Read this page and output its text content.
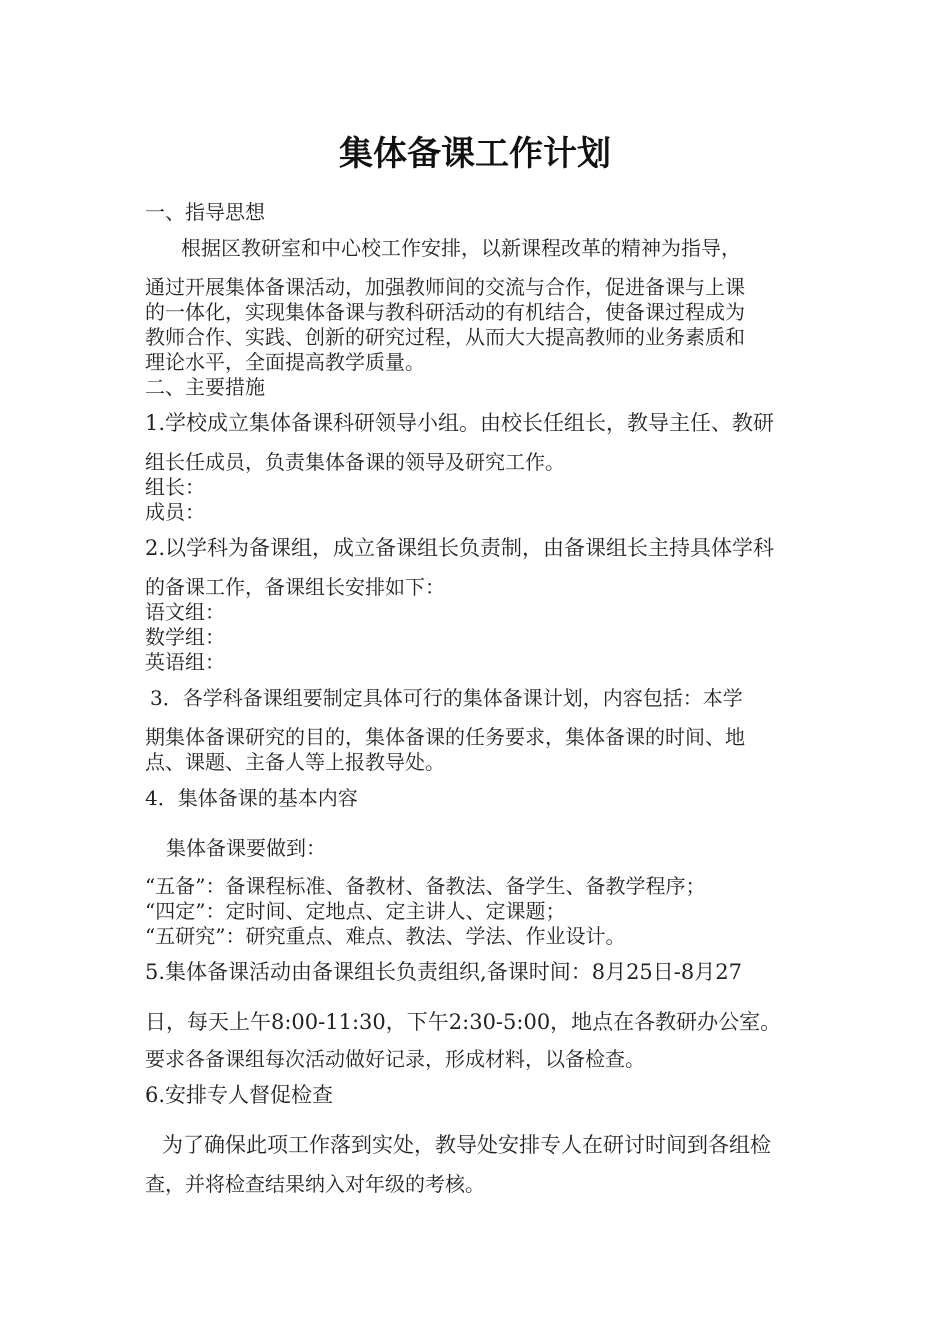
集体备课工作计划
一、指导思想
根据区教研室和中心校工作安排，以新课程改革的精神为指导，
通过开展集体备课活动，加强教师间的交流与合作，促进备课与上课
的一体化，实现集体备课与教科研活动的有机结合，使备课过程成为
教师合作、实践、创新的研究过程，从而大大提高教师的业务素质和
理论水平，全面提高教学质量。
二、主要措施
1.学校成立集体备课科研领导小组。由校长任组长，教导主任、教研
组长任成员，负责集体备课的领导及研究工作。
组长：
成员：
2.以学科为备课组，成立备课组长负责制，由备课组长主持具体学科
的备课工作，备课组长安排如下：
语文组：
数学组：
英语组：
3．各学科备课组要制定具体可行的集体备课计划，内容包括：本学
期集体备课研究的目的，集体备课的任务要求，集体备课的时间、地
点、课题、主备人等上报教导处。
4．集体备课的基本内容
集体备课要做到：
“五备”：备课程标准、备教材、备教法、备学生、备教学程序；
“四定”：定时间、定地点、定主讲人、定课题；
“五研究”：研究重点、难点、教法、学法、作业设计。
5.集体备课活动由备课组长负责组织,备课时间：8月25日-8月27
日，每天上午8:00-11:30，下午2:30-5:00，地点在各教研办公室。
要求各备课组每次活动做好记录，形成材料，以备检查。
6.安排专人督促检查
为了确保此项工作落到实处，教导处安排专人在研讨时间到各组检
查，并将检查结果纳入对年级的考核。
